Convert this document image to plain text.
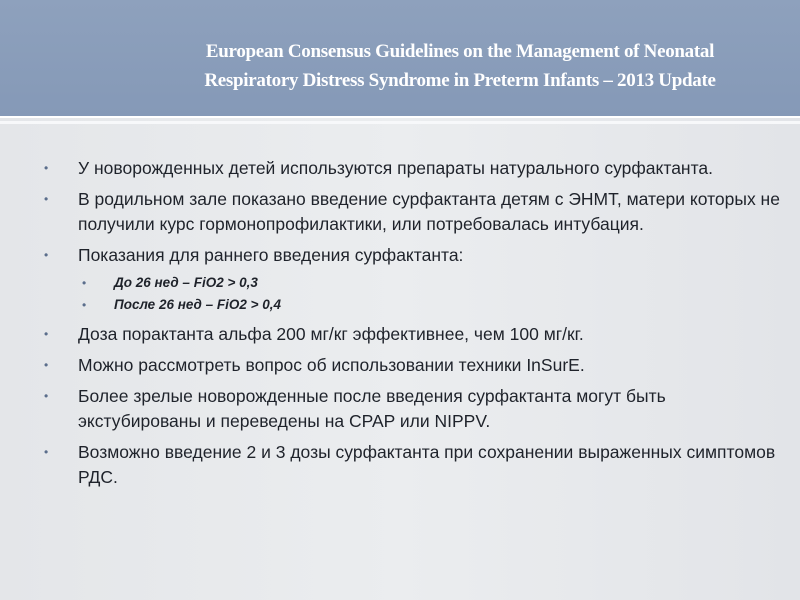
European Consensus Guidelines on the Management of Neonatal
Respiratory Distress Syndrome in Preterm Infants – 2013 Update
• У новорожденных детей используются препараты натурального сурфактанта.
• В родильном зале показано введение сурфактанта детям с ЭНМТ, матери которых не получили курс гормонопрофилактики, или потребовалась интубация.
• Показания для раннего введения сурфактанта:
• До 26 нед – FiO2 > 0,3
• После 26 нед – FiO2 > 0,4
• Доза порактанта альфа 200 мг/кг эффективнее, чем 100 мг/кг.
• Можно рассмотреть вопрос об использовании техники InSurE.
• Более зрелые новорожденные после введения сурфактанта могут быть экстубированы и переведены на CPAP или NIPPV.
• Возможно введение 2 и 3 дозы сурфактанта при сохранении выраженных симптомов РДС.
